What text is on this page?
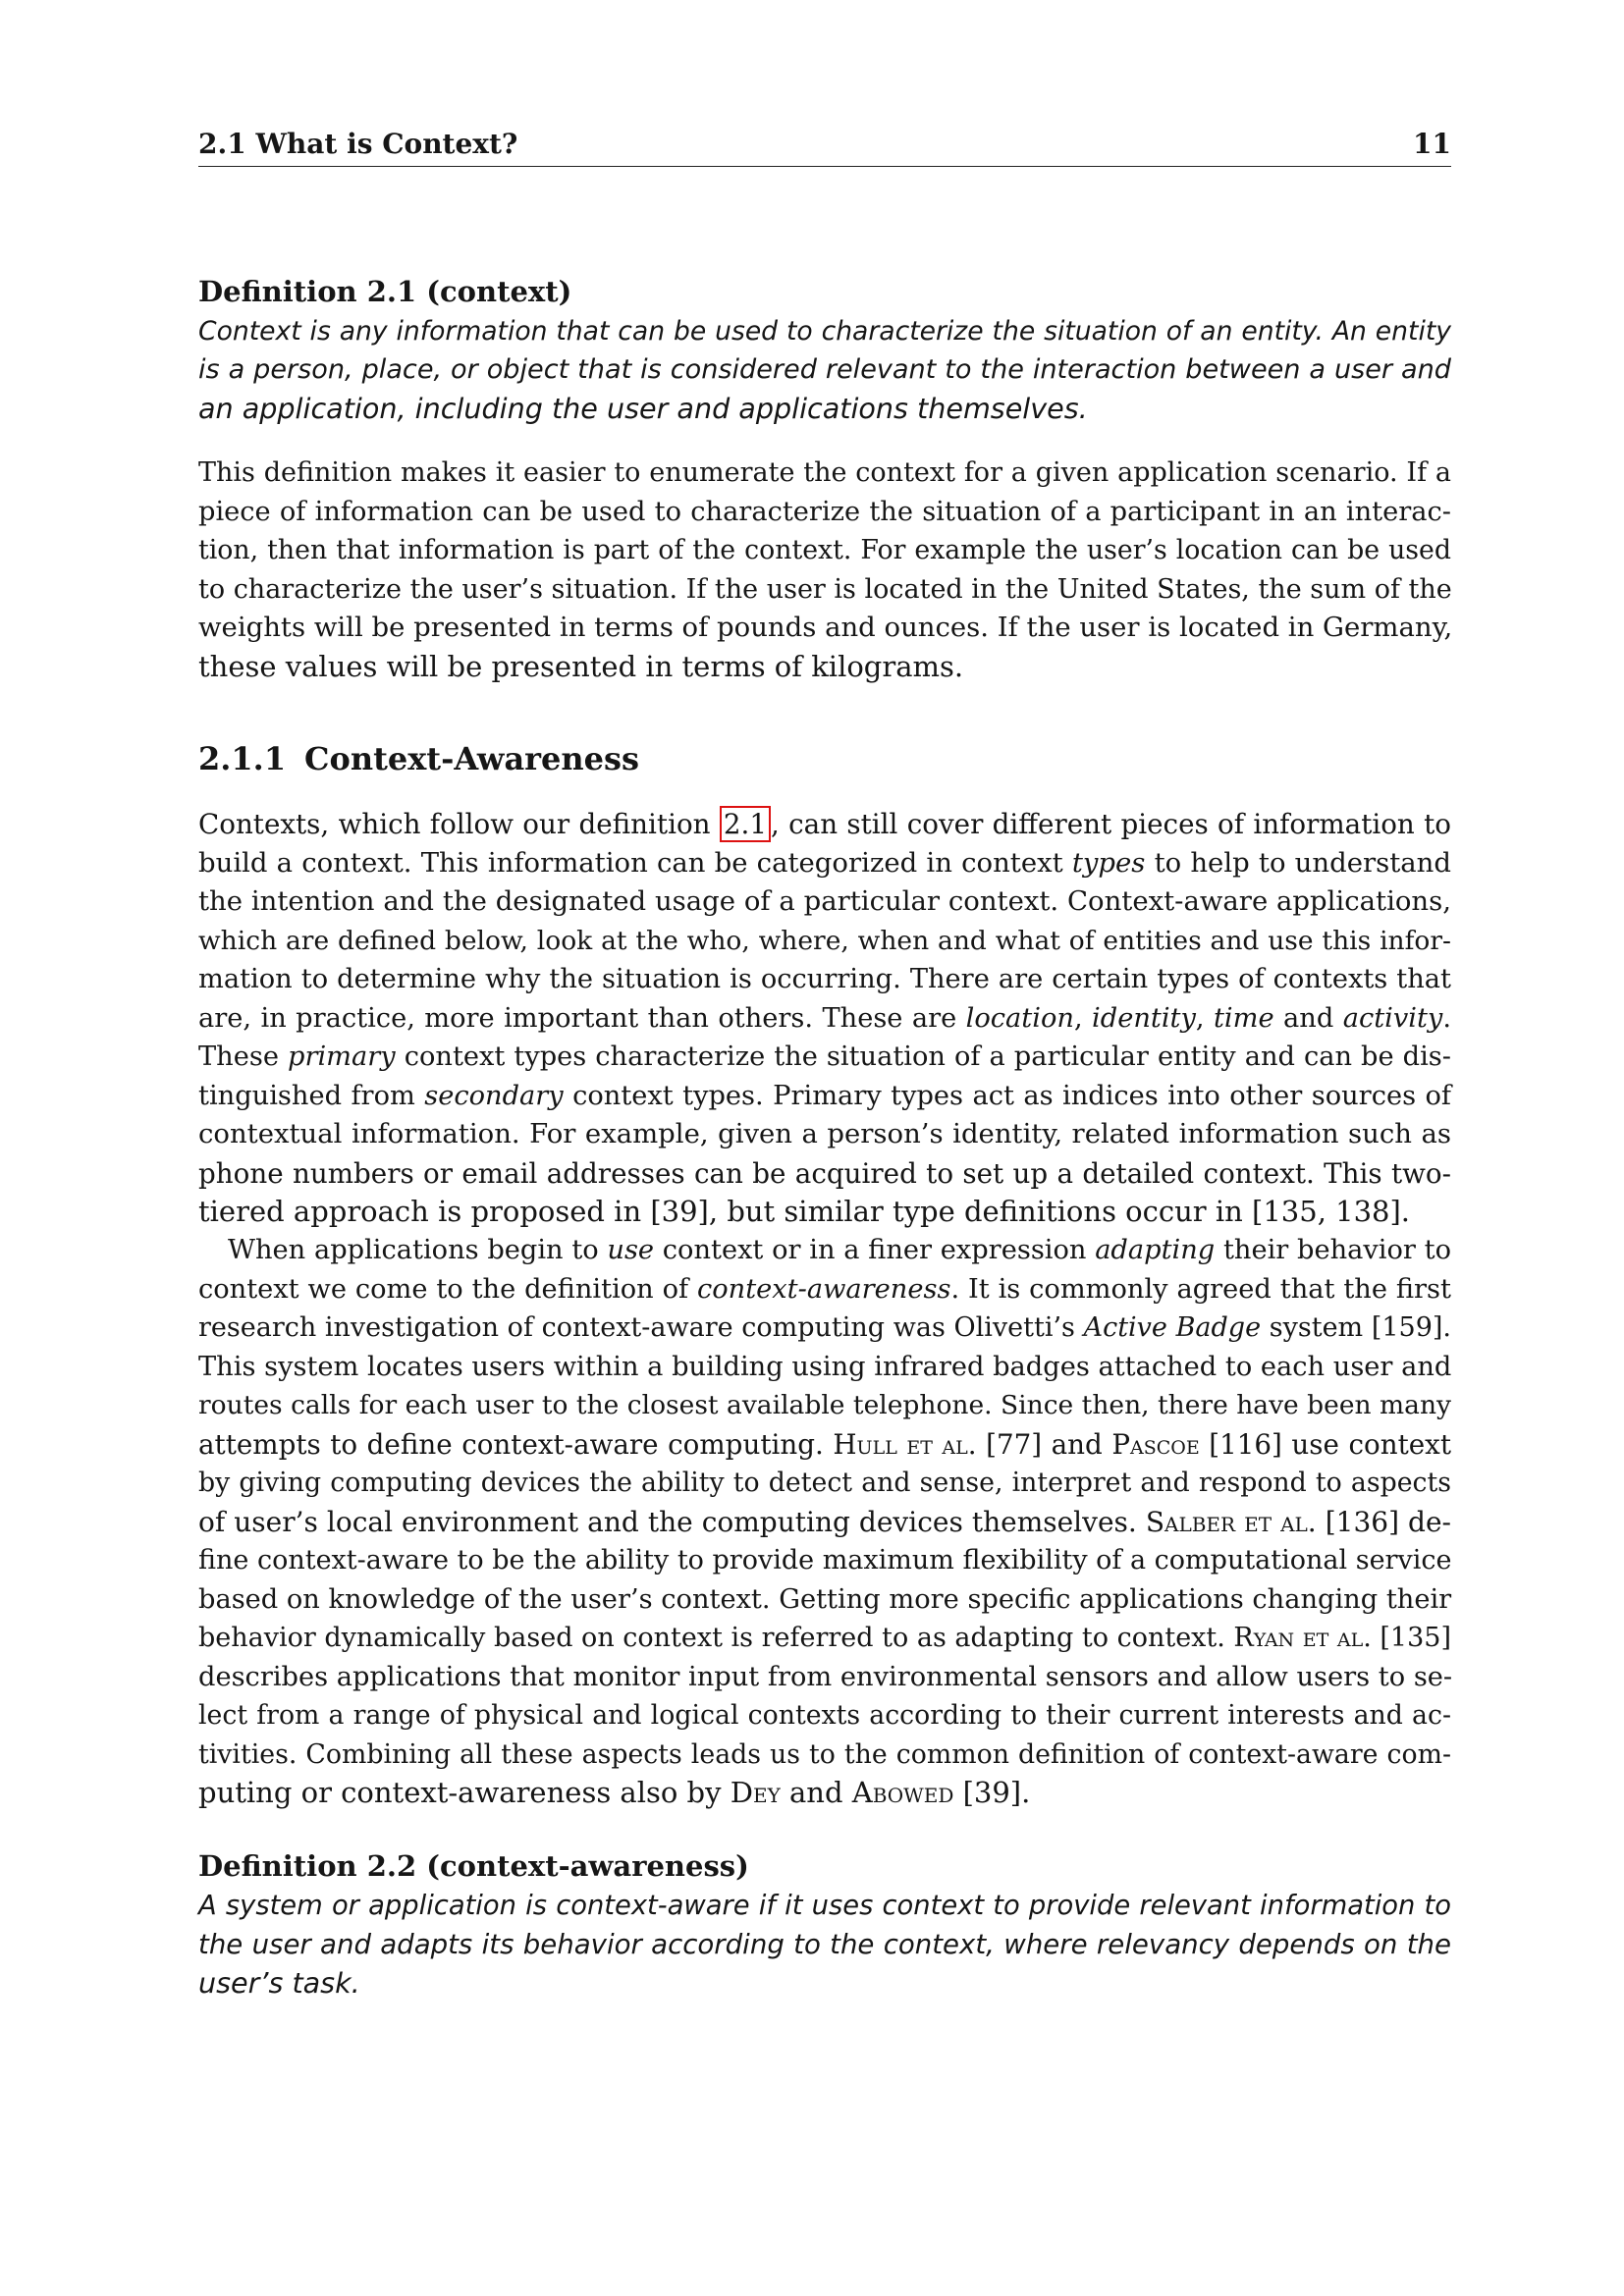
2.1 What is Context?	11

Definition 2.1 (context)

Context is any information that can be used to characterize the situation of an entity. An entity
is a person, place, or object that is considered relevant to the interaction between a user and
an application, including the user and applications themselves.

This definition makes it easier to enumerate the context for a given application scenario. If a
piece of information can be used to characterize the situation of a participant in an interac-
tion, then that information is part of the context. For example the user’s location can be used
to characterize the user’s situation. If the user is located in the United States, the sum of the
weights will be presented in terms of pounds and ounces. If the user is located in Germany,
these values will be presented in terms of kilograms.

2.1.1 Context-Awareness

Contexts, which follow our definition 2.1 , can still cover different pieces of information to
build a context. This information can be categorized in context types to help to understand
the intention and the designated usage of a particular context. Context-aware applications,
which are defined below, look at the who, where, when and what of entities and use this infor-
mation to determine why the situation is occurring. There are certain types of contexts that
are, in practice, more important than others. These are location, identity, time and activity.
These primary context types characterize the situation of a particular entity and can be dis-
tinguished from secondary context types. Primary types act as indices into other sources of
contextual information. For example, given a person’s identity, related information such as
phone numbers or email addresses can be acquired to set up a detailed context. This two-
tiered approach is proposed in [39], but similar type definitions occur in [135, 138].

When applications begin to use context or in a finer expression adapting their behavior to
context we come to the definition of context-awareness. It is commonly agreed that the first
research investigation of context-aware computing was Olivetti’s Active Badge system [159].
This system locates users within a building using infrared badges attached to each user and
routes calls for each user to the closest available telephone. Since then, there have been many
attempts to define context-aware computing. Hull et al. [77] and Pascoe [116] use context
by giving computing devices the ability to detect and sense, interpret and respond to aspects
of user’s local environment and the computing devices themselves. Salber et al. [136] de-
fine context-aware to be the ability to provide maximum flexibility of a computational service
based on knowledge of the user’s context. Getting more specific applications changing their
behavior dynamically based on context is referred to as adapting to context. Ryan et al. [135]
describes applications that monitor input from environmental sensors and allow users to se-
lect from a range of physical and logical contexts according to their current interests and ac-
tivities. Combining all these aspects leads us to the common definition of context-aware com-
puting or context-awareness also by Dey and Abowed [39].

Definition 2.2 (context-awareness)

A system or application is context-aware if it uses context to provide relevant information to
the user and adapts its behavior according to the context, where relevancy depends on the
user’s task.
